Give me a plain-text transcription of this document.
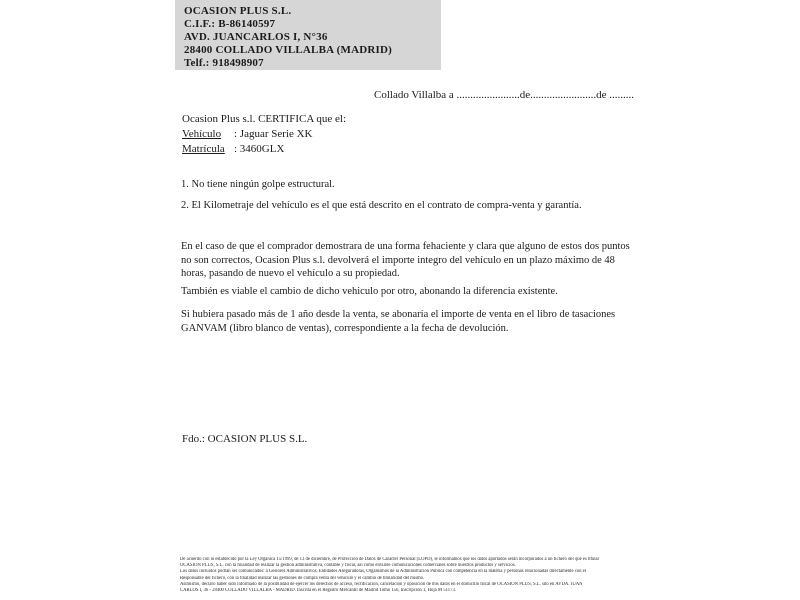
OCASION PLUS S.L.
C.I.F.: B-86140597
AVD. JUANCARLOS I, N°36
28400 COLLADO VILLALBA (MADRID)
Telf.: 918498907
Collado Villalba a .......................de........................de .........
Ocasion Plus s.l. CERTIFICA que el:
Vehículo : Jaguar Serie XK
Matrícula : 3460GLX
1. No tiene ningún golpe estructural.
2. El Kilometraje del vehículo es el que está descrito en el contrato de compra-venta y garantía.
En el caso de que el comprador demostrara de una forma fehaciente y clara que alguno de estos dos puntos no son correctos, Ocasion Plus s.l. devolverá el importe integro del vehículo en un plazo máximo de 48 horas, pasando de nuevo el vehículo a su propiedad.
También es viable el cambio de dicho vehiculo por otro, abonando la diferencia existente.
Si hubiera pasado más de 1 año desde la venta, se abonaría el importe de venta en el libro de tasaciones GANVAM (libro blanco de ventas), correspondiente a la fecha de devolución.
Fdo.: OCASION PLUS S.L.
De acuerdo con lo establecido por la Ley Orgánica 15/1999, de 13 de diciembre, de Protección de Datos de Carácter Personal (LOPD), le informamos que los datos aportados serán incorporados a un fichero del que es titular
OCASION PLUS, S.L. con la finalidad de realizar la gestión administrativa, contable y fiscal, así como enviarle comunicaciones comerciales sobre nuestros productos y servicios.
Los datos incluidos podrán ser comunicados: a Gestores Administrativos, Entidades Aseguradoras, Organismos de la Administración Pública con competencia en la materia y personas relacionadas directamente con el
Responsable del fichero, con la finalidad realizar las gestiones de compra venta del vehículo y el cambio de titularidad del mismo.
Asimismo, declaro haber sido informado de la posibilidad de ejercer los derechos de acceso, rectificación, cancelación y oposición de mis datos en el domicilio fiscal de OCASIÓN PLUS, S.L. sito en AVDA. JUAN
CARLOS I, 36 - 28400 COLLADO VILLALBA - MADRID. Inscrita en el Registro Mercantil de Madrid Tomo 156, Inscripción 1, Hoja M 51173.
